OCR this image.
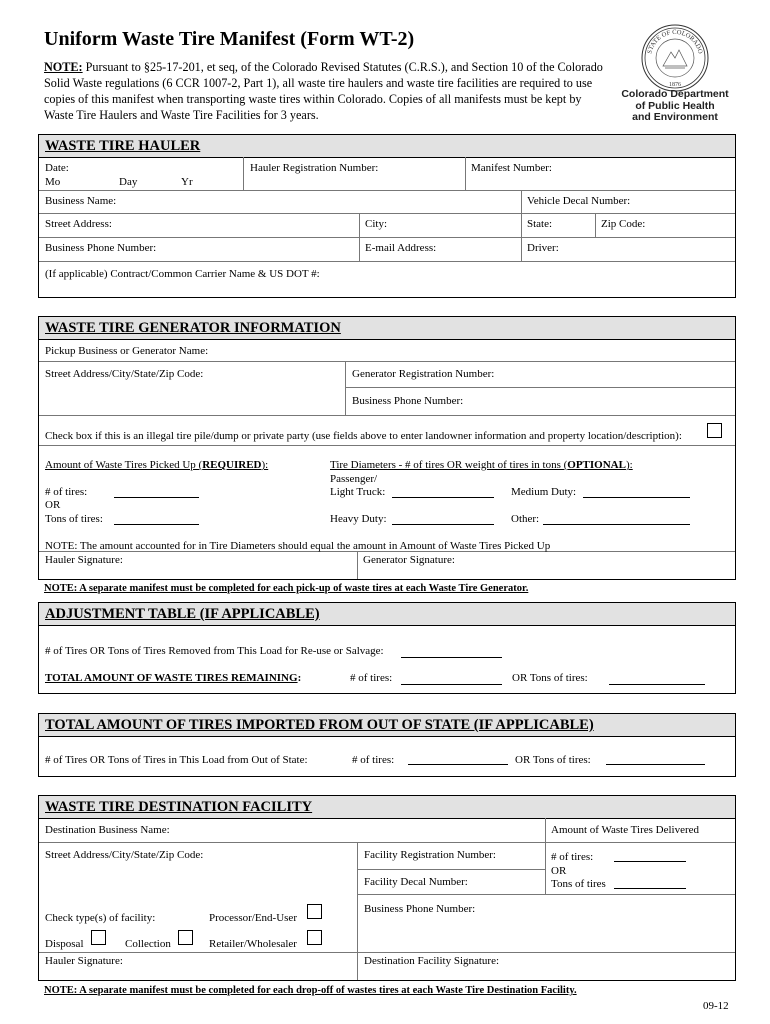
Uniform Waste Tire Manifest (Form WT-2)
NOTE: Pursuant to §25-17-201, et seq, of the Colorado Revised Statutes (C.R.S.), and Section 10 of the Colorado Solid Waste regulations (6 CCR 1007-2, Part 1), all waste tire haulers and waste tire facilities are required to use copies of this manifest when transporting waste tires within Colorado. Copies of all manifests must be kept by Waste Tire Haulers and Waste Tire Facilities for 3 years.
STATE OF COLORADO
1876
Colorado Department
of Public Health
and Environment
WASTE TIRE HAULER
Date:
Mo	Day	Yr
Hauler Registration Number:	Manifest Number:
Business Name:	Vehicle Decal Number:
Street Address:	City:	State:	Zip Code:
Business Phone Number:	E-mail Address:	Driver:
(If applicable) Contract/Common Carrier Name & US DOT #:
WASTE TIRE GENERATOR INFORMATION
Pickup Business or Generator Name:
Street Address/City/State/Zip Code:	Generator Registration Number:
Business Phone Number:
Check box if this is an illegal tire pile/dump or private party (use fields above to enter landowner information and property location/description):
Amount of Waste Tires Picked Up (REQUIRED):	Tire Diameters - # of tires OR weight of tires in tons (OPTIONAL):
Passenger/
# of tires:	Light Truck:	Medium Duty:
OR
Tons of tires:	Heavy Duty:	Other:
NOTE: The amount accounted for in Tire Diameters should equal the amount in Amount of Waste Tires Picked Up
Hauler Signature:	Generator Signature:
NOTE: A separate manifest must be completed for each pick-up of waste tires at each Waste Tire Generator.
ADJUSTMENT TABLE (IF APPLICABLE)
# of Tires OR Tons of Tires Removed from This Load for Re-use or Salvage:
TOTAL AMOUNT OF WASTE TIRES REMAINING:	# of tires:	OR Tons of tires:
TOTAL AMOUNT OF TIRES IMPORTED FROM OUT OF STATE (IF APPLICABLE)
# of Tires OR Tons of Tires in This Load from Out of State:	# of tires:	OR Tons of tires:
WASTE TIRE DESTINATION FACILITY
Destination Business Name:	Amount of Waste Tires Delivered
Street Address/City/State/Zip Code:	Facility Registration Number:	# of tires:
OR
Tons of tires
Facility Decal Number:
Business Phone Number:
Check type(s) of facility:	Processor/End-User
Disposal	Collection	Retailer/Wholesaler
Hauler Signature:	Destination Facility Signature:
NOTE: A separate manifest must be completed for each drop-off of wastes tires at each Waste Tire Destination Facility.
09-12
